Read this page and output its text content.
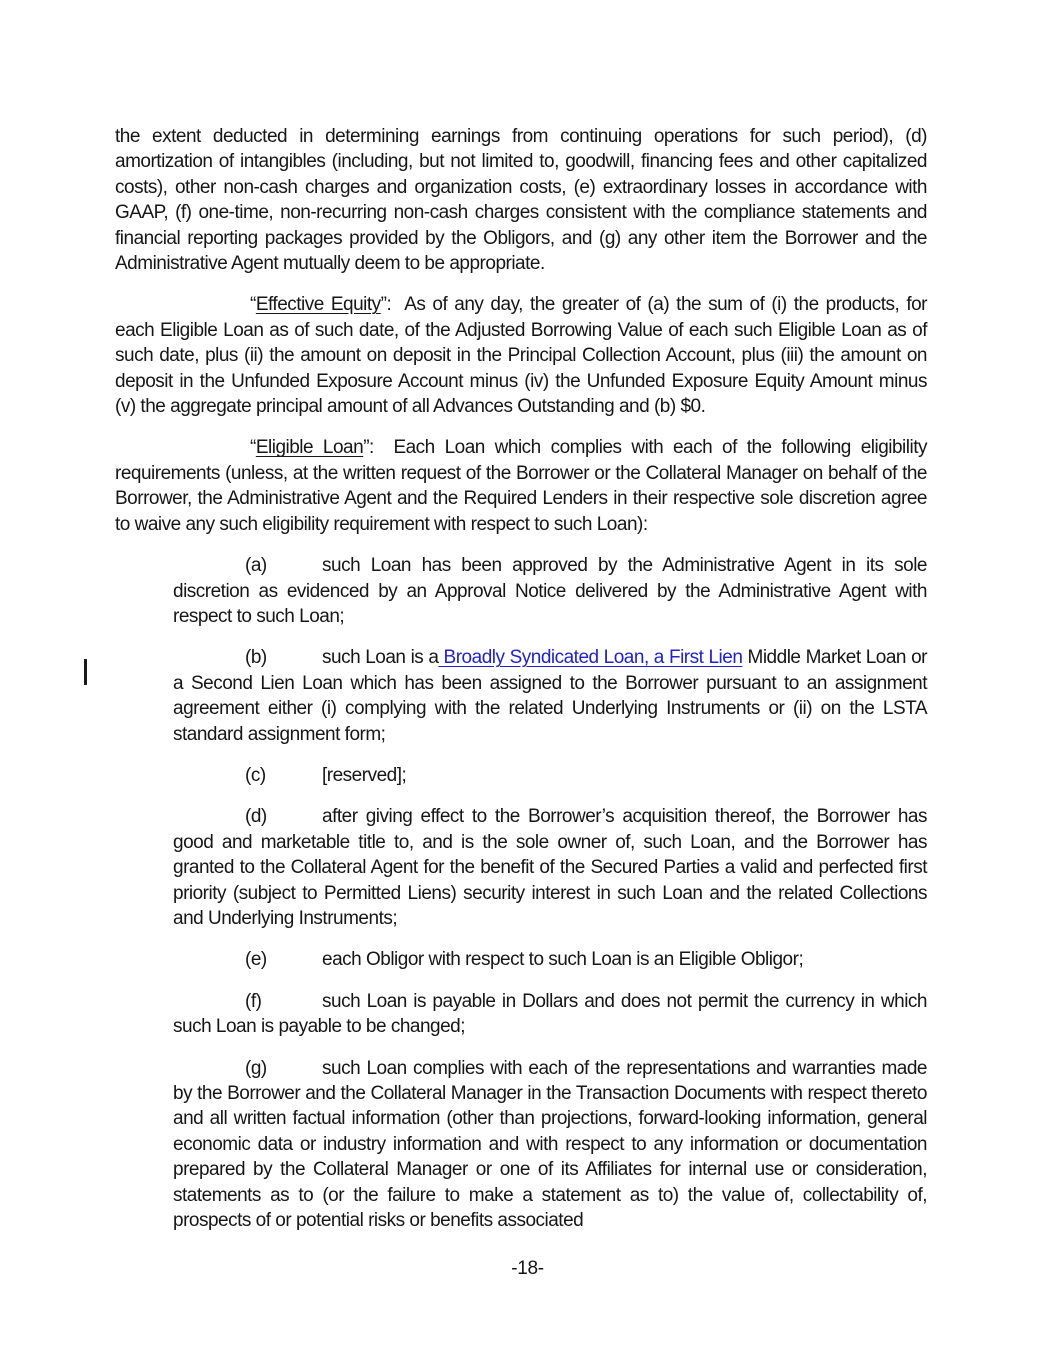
the extent deducted in determining earnings from continuing operations for such period), (d) amortization of intangibles (including, but not limited to, goodwill, financing fees and other capitalized costs), other non-cash charges and organization costs, (e) extraordinary losses in accordance with GAAP, (f) one-time, non-recurring non-cash charges consistent with the compliance statements and financial reporting packages provided by the Obligors, and (g) any other item the Borrower and the Administrative Agent mutually deem to be appropriate.

“Effective Equity”:  As of any day, the greater of (a) the sum of (i) the products, for each Eligible Loan as of such date, of the Adjusted Borrowing Value of each such Eligible Loan as of such date, plus (ii) the amount on deposit in the Principal Collection Account, plus (iii) the amount on deposit in the Unfunded Exposure Account minus (iv) the Unfunded Exposure Equity Amount minus (v) the aggregate principal amount of all Advances Outstanding and (b) $0.

“Eligible Loan”:  Each Loan which complies with each of the following eligibility requirements (unless, at the written request of the Borrower or the Collateral Manager on behalf of the Borrower, the Administrative Agent and the Required Lenders in their respective sole discretion agree to waive any such eligibility requirement with respect to such Loan):

(a)	such Loan has been approved by the Administrative Agent in its sole discretion as evidenced by an Approval Notice delivered by the Administrative Agent with respect to such Loan;

(b)	such Loan is a Broadly Syndicated Loan, a First Lien Middle Market Loan or a Second Lien Loan which has been assigned to the Borrower pursuant to an assignment agreement either (i) complying with the related Underlying Instruments or (ii) on the LSTA standard assignment form;

(c)	[reserved];

(d)	after giving effect to the Borrower’s acquisition thereof, the Borrower has good and marketable title to, and is the sole owner of, such Loan, and the Borrower has granted to the Collateral Agent for the benefit of the Secured Parties a valid and perfected first priority (subject to Permitted Liens) security interest in such Loan and the related Collections and Underlying Instruments;

(e)	each Obligor with respect to such Loan is an Eligible Obligor;

(f)	such Loan is payable in Dollars and does not permit the currency in which such Loan is payable to be changed;

(g)	such Loan complies with each of the representations and warranties made by the Borrower and the Collateral Manager in the Transaction Documents with respect thereto and all written factual information (other than projections, forward-looking information, general economic data or industry information and with respect to any information or documentation prepared by the Collateral Manager or one of its Affiliates for internal use or consideration, statements as to (or the failure to make a statement as to) the value of, collectability of, prospects of or potential risks or benefits associated

-18-
